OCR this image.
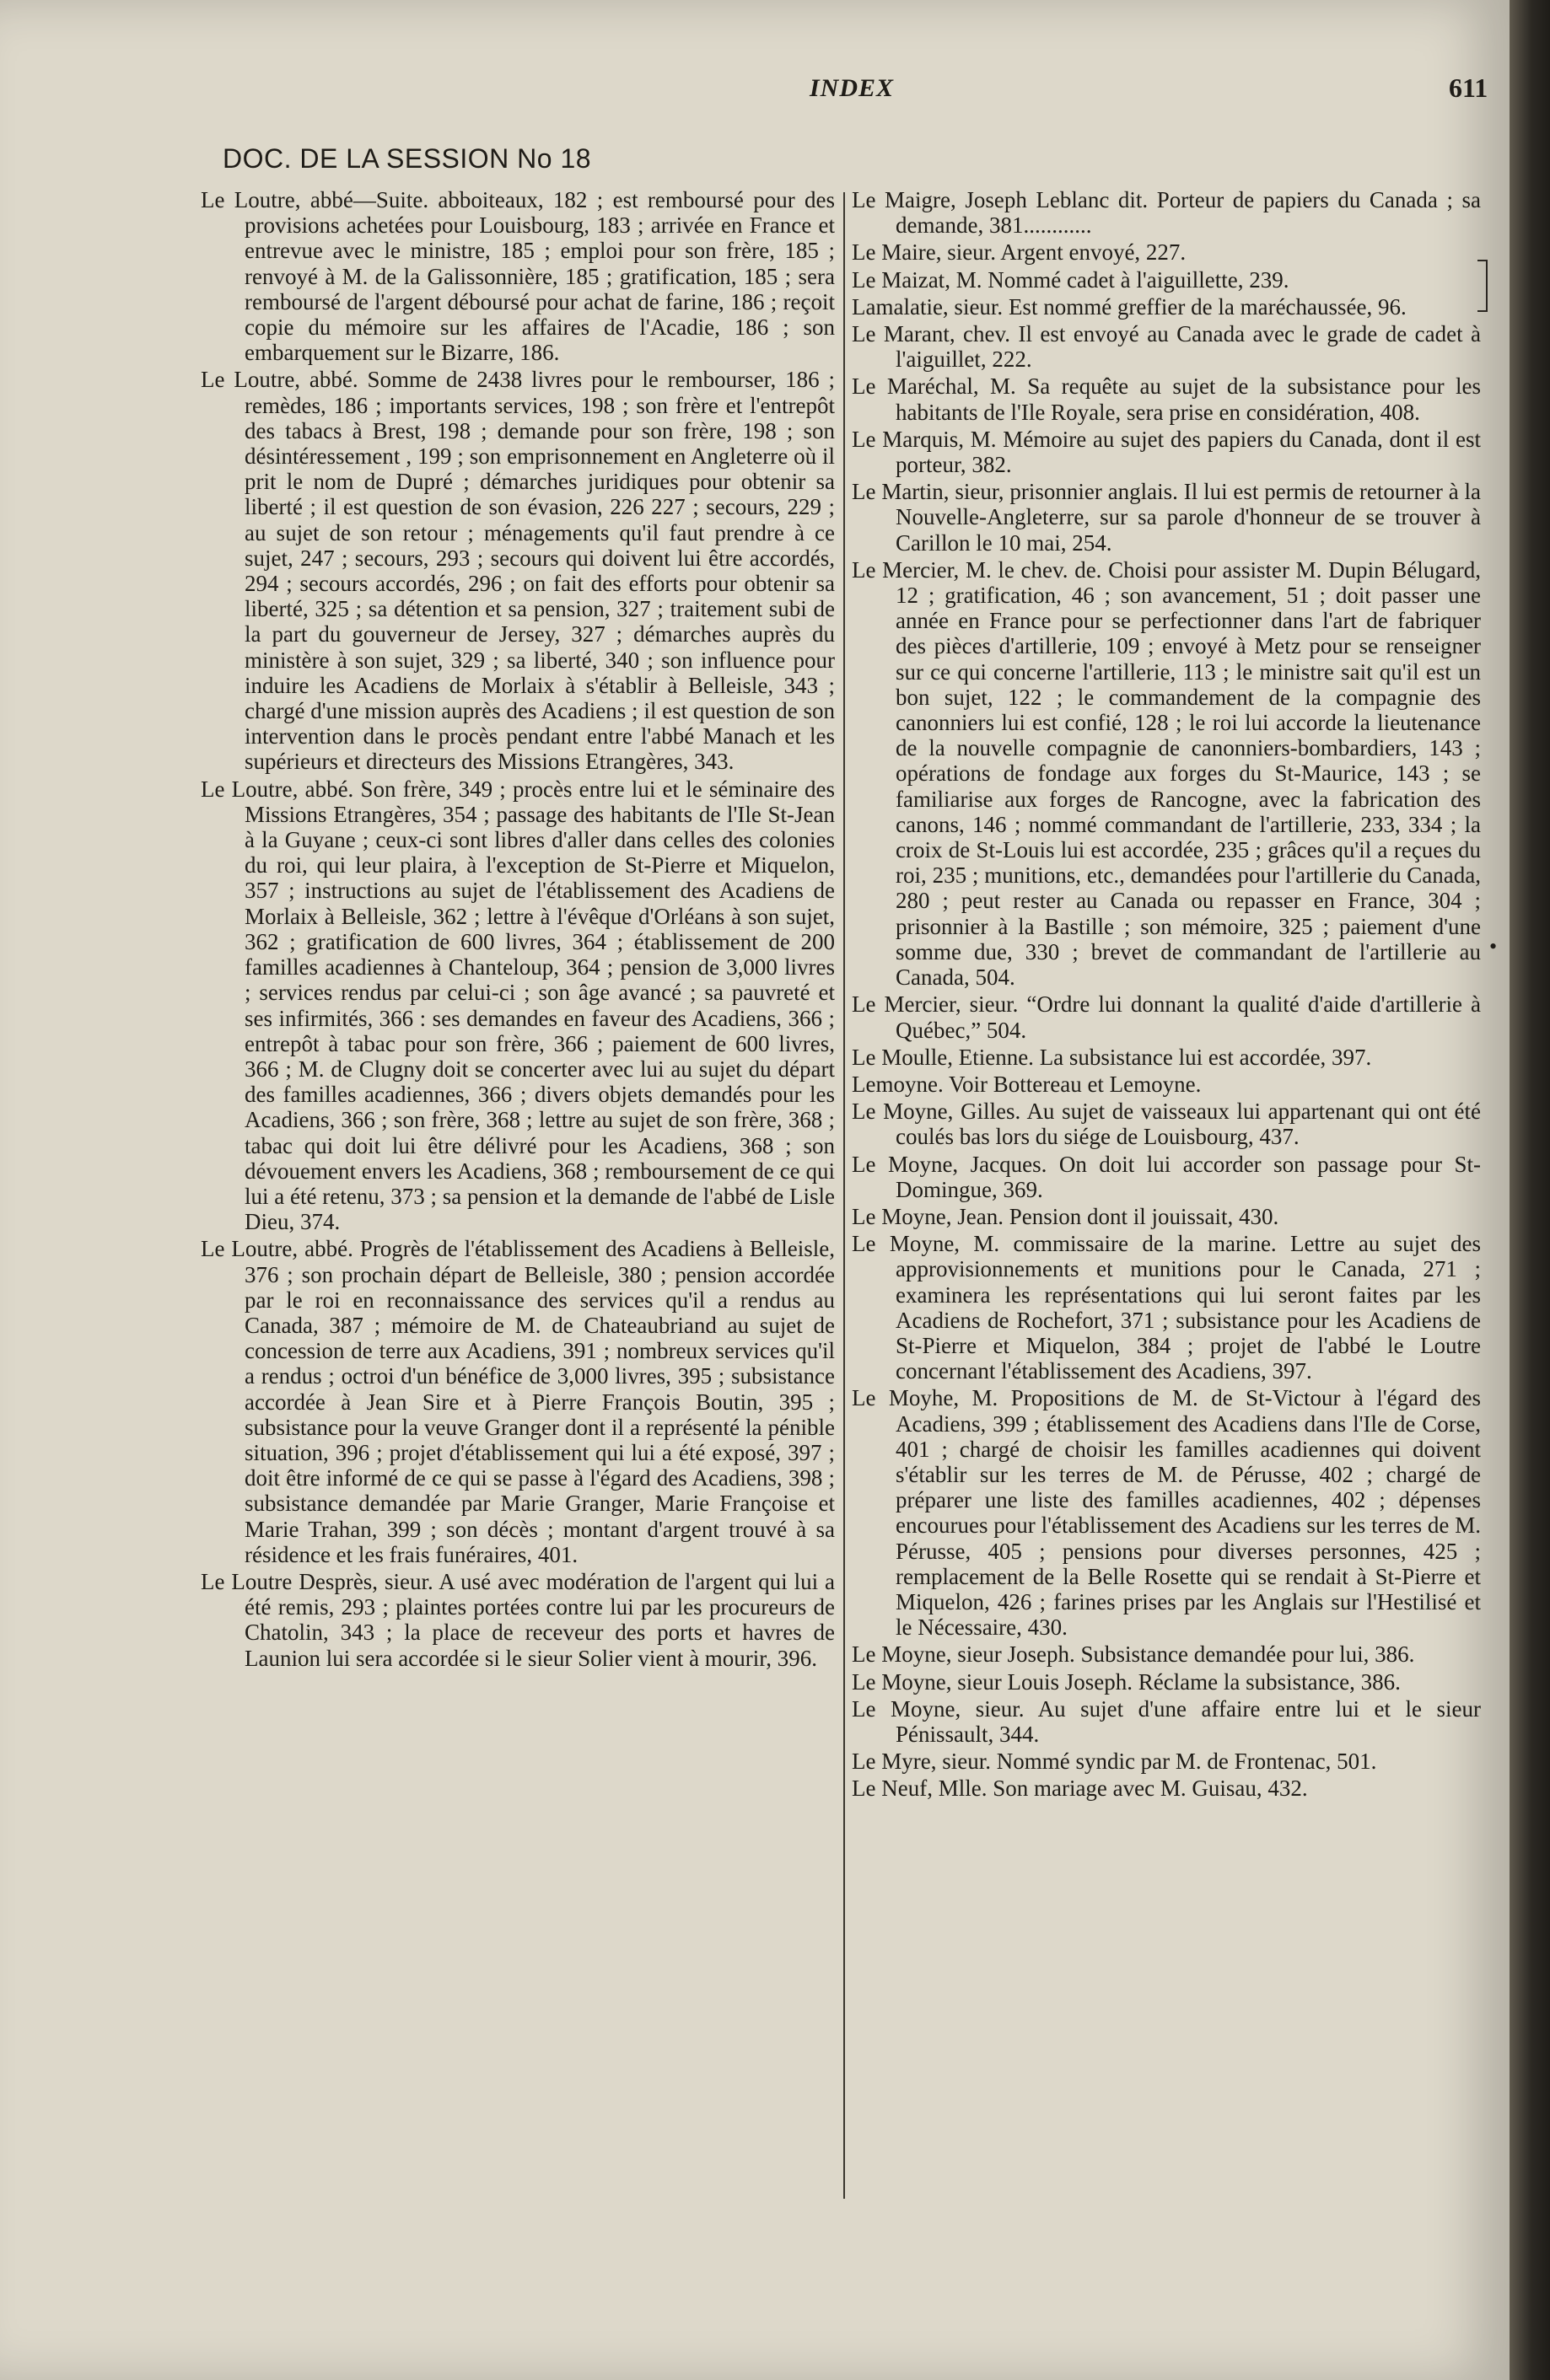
INDEX	611
DOC. DE LA SESSION No 18
•

Le Loutre, abbé—Suite. abboiteaux, 182 ; est remboursé pour des provisions achetées pour Louisbourg, 183 ; arrivée en France et entrevue avec le ministre, 185 ; emploi pour son frère, 185 ; renvoyé à M. de la Galissonnière, 185 ; gratification, 185 ; sera remboursé de l'argent déboursé pour achat de farine, 186 ; reçoit copie du mémoire sur les affaires de l'Acadie, 186 ; son embarquement sur le Bizarre, 186.

Le Loutre, abbé. Somme de 2438 livres pour le rembourser, 186 ; remèdes, 186 ; importants services, 198 ; son frère et l'entrepôt des tabacs à Brest, 198 ; demande pour son frère, 198 ; son désintéressement , 199 ; son emprisonnement en Angleterre où il prit le nom de Dupré ; démarches juridiques pour obtenir sa liberté ; il est question de son évasion, 226 227 ; secours, 229 ; au sujet de son retour ; ménagements qu'il faut prendre à ce sujet, 247 ; secours, 293 ; secours qui doivent lui être accordés, 294 ; secours accordés, 296 ; on fait des efforts pour obtenir sa liberté, 325 ; sa détention et sa pension, 327 ; traitement subi de la part du gouverneur de Jersey, 327 ; démarches auprès du ministère à son sujet, 329 ; sa liberté, 340 ; son influence pour induire les Acadiens de Morlaix à s'établir à Belleisle, 343 ; chargé d'une mission auprès des Acadiens ; il est question de son intervention dans le procès pendant entre l'abbé Manach et les supérieurs et directeurs des Missions Etrangères, 343.

Le Loutre, abbé. Son frère, 349 ; procès entre lui et le séminaire des Missions Etrangères, 354 ; passage des habitants de l'Ile St-Jean à la Guyane ; ceux-ci sont libres d'aller dans celles des colonies du roi, qui leur plaira, à l'exception de St-Pierre et Miquelon, 357 ; instructions au sujet de l'établissement des Acadiens de Morlaix à Belleisle, 362 ; lettre à l'évêque d'Orléans à son sujet, 362 ; gratification de 600 livres, 364 ; établissement de 200 familles acadiennes à Chanteloup, 364 ; pension de 3,000 livres ; services rendus par celui-ci ; son âge avancé ; sa pauvreté et ses infirmités, 366 : ses demandes en faveur des Acadiens, 366 ; entrepôt à tabac pour son frère, 366 ; paiement de 600 livres, 366 ; M. de Clugny doit se concerter avec lui au sujet du départ des familles acadiennes, 366 ; divers objets demandés pour les Acadiens, 366 ; son frère, 368 ; lettre au sujet de son frère, 368 ; tabac qui doit lui être délivré pour les Acadiens, 368 ; son dévouement envers les Acadiens, 368 ; remboursement de ce qui lui a été retenu, 373 ; sa pension et la demande de l'abbé de Lisle Dieu, 374.

Le Loutre, abbé. Progrès de l'établissement des Acadiens à Belleisle, 376 ; son prochain départ de Belleisle, 380 ; pension accordée par le roi en reconnaissance des services qu'il a rendus au Canada, 387 ; mémoire de M. de Chateaubriand au sujet de concession de terre aux Acadiens, 391 ; nombreux services qu'il a rendus ; octroi d'un bénéfice de 3,000 livres, 395 ; subsistance accordée à Jean Sire et à Pierre François Boutin, 395 ; subsistance pour la veuve Granger dont il a représenté la pénible situation, 396 ; projet d'établissement qui lui a été exposé, 397 ; doit être informé de ce qui se passe à l'égard des Acadiens, 398 ; subsistance demandée par Marie Granger, Marie Françoise et Marie Trahan, 399 ; son décès ; montant d'argent trouvé à sa résidence et les frais funéraires, 401.

Le Loutre Desprès, sieur. A usé avec modération de l'argent qui lui a été remis, 293 ; plaintes portées contre lui par les procureurs de Chatolin, 343 ; la place de receveur des ports et havres de Launion lui sera accordée si le sieur Solier vient à mourir, 396.

Le Maigre, Joseph Leblanc dit. Porteur de papiers du Canada ; sa demande, 381............

Le Maire, sieur. Argent envoyé, 227.

Le Maizat, M. Nommé cadet à l'aiguillette, 239.

Lamalatie, sieur. Est nommé greffier de la maréchaussée, 96.

Le Marant, chev. Il est envoyé au Canada avec le grade de cadet à l'aiguillet, 222.

Le Maréchal, M. Sa requête au sujet de la subsistance pour les habitants de l'Ile Royale, sera prise en considération, 408.

Le Marquis, M. Mémoire au sujet des papiers du Canada, dont il est porteur, 382.

Le Martin, sieur, prisonnier anglais. Il lui est permis de retourner à la Nouvelle-Angleterre, sur sa parole d'honneur de se trouver à Carillon le 10 mai, 254.

Le Mercier, M. le chev. de. Choisi pour assister M. Dupin Bélugard, 12 ; gratification, 46 ; son avancement, 51 ; doit passer une année en France pour se perfectionner dans l'art de fabriquer des pièces d'artillerie, 109 ; envoyé à Metz pour se renseigner sur ce qui concerne l'artillerie, 113 ; le ministre sait qu'il est un bon sujet, 122 ; le commandement de la compagnie des canonniers lui est confié, 128 ; le roi lui accorde la lieutenance de la nouvelle compagnie de canonniers-bombardiers, 143 ; opérations de fondage aux forges du St-Maurice, 143 ; se familiarise aux forges de Rancogne, avec la fabrication des canons, 146 ; nommé commandant de l'artillerie, 233, 334 ; la croix de St-Louis lui est accordée, 235 ; grâces qu'il a reçues du roi, 235 ; munitions, etc., demandées pour l'artillerie du Canada, 280 ; peut rester au Canada ou repasser en France, 304 ; prisonnier à la Bastille ; son mémoire, 325 ; paiement d'une somme due, 330 ; brevet de commandant de l'artillerie au Canada, 504.

Le Mercier, sieur. “Ordre lui donnant la qualité d'aide d'artillerie à Québec,” 504.

Le Moulle, Etienne. La subsistance lui est accordée, 397.

Lemoyne. Voir Bottereau et Lemoyne.

Le Moyne, Gilles. Au sujet de vaisseaux lui appartenant qui ont été coulés bas lors du siége de Louisbourg, 437.

Le Moyne, Jacques. On doit lui accorder son passage pour St-Domingue, 369.

Le Moyne, Jean. Pension dont il jouissait, 430.

Le Moyne, M. commissaire de la marine. Lettre au sujet des approvisionnements et munitions pour le Canada, 271 ; examinera les représentations qui lui seront faites par les Acadiens de Rochefort, 371 ; subsistance pour les Acadiens de St-Pierre et Miquelon, 384 ; projet de l'abbé le Loutre concernant l'établissement des Acadiens, 397.

Le Moyhe, M. Propositions de M. de St-Victour à l'égard des Acadiens, 399 ; établissement des Acadiens dans l'Ile de Corse, 401 ; chargé de choisir les familles acadiennes qui doivent s'établir sur les terres de M. de Pérusse, 402 ; chargé de préparer une liste des familles acadiennes, 402 ; dépenses encourues pour l'établissement des Acadiens sur les terres de M. Pérusse, 405 ; pensions pour diverses personnes, 425 ; remplacement de la Belle Rosette qui se rendait à St-Pierre et Miquelon, 426 ; farines prises par les Anglais sur l'Hestilisé et le Nécessaire, 430.

Le Moyne, sieur Joseph. Subsistance demandée pour lui, 386.

Le Moyne, sieur Louis Joseph. Réclame la subsistance, 386.

Le Moyne, sieur. Au sujet d'une affaire entre lui et le sieur Pénissault, 344.

Le Myre, sieur. Nommé syndic par M. de Frontenac, 501.

Le Neuf, Mlle. Son mariage avec M. Guisau, 432.
